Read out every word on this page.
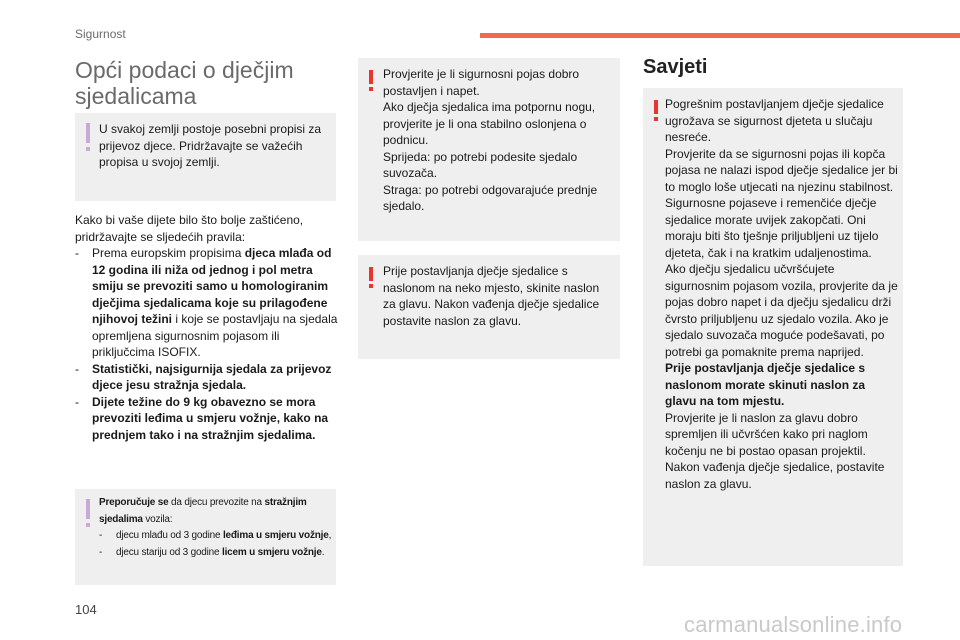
Sigurnost
Opći podaci o dječjim sjedalicama

U svakoj zemlji postoje posebni propisi za prijevoz djece. Pridržavajte se važećih propisa u svojoj zemlji.

Kako bi vaše dijete bilo što bolje zaštićeno, pridržavajte se sljedećih pravila:

-	Prema europskim propisima djeca mlađa od 12 godina ili niža od jednog i pol metra smiju se prevoziti samo u homologiranim dječjima sjedalicama koje su prilagođene njihovoj težini i koje se postavljaju na sjedala opremljena sigurnosnim pojasom ili priključcima ISOFIX.
-	Statistički, najsigurnija sjedala za prijevoz djece jesu stražnja sjedala.
-	Dijete težine do 9 kg obavezno se mora prevoziti leđima u smjeru vožnje, kako na prednjem tako i na stražnjim sjedalima.
Preporučuje se da djecu prevozite na stražnjim sjedalima vozila:
-	djecu mlađu od 3 godine leđima u smjeru vožnje,
-	djecu stariju od 3 godine licem u smjeru vožnje.

Provjerite je li sigurnosni pojas dobro postavljen i napet.

Ako dječja sjedalica ima potpornu nogu, provjerite je li ona stabilno oslonjena o podnicu.

Sprijeda: po potrebi podesite sjedalo suvozača.

Straga: po potrebi odgovarajuće prednje sjedalo.

Prije postavljanja dječje sjedalice s naslonom na neko mjesto, skinite naslon za glavu. Nakon vađenja dječje sjedalice postavite naslon za glavu.

Savjeti

Pogrešnim postavljanjem dječje sjedalice ugrožava se sigurnost djeteta u slučaju nesreće.

Provjerite da se sigurnosni pojas ili kopča pojasa ne nalazi ispod dječje sjedalice jer bi to moglo loše utjecati na njezinu stabilnost.

Sigurnosne pojaseve i remenčiće dječje sjedalice morate uvijek zakopčati. Oni moraju biti što tješnje priljubljeni uz tijelo djeteta, čak i na kratkim udaljenostima.

Ako dječju sjedalicu učvršćujete sigurnosnim pojasom vozila, provjerite da je pojas dobro napet i da dječju sjedalicu drži čvrsto priljubljenu uz sjedalo vozila. Ako je sjedalo suvozača moguće podešavati, po potrebi ga pomaknite prema naprijed.

Prije postavljanja dječje sjedalice s naslonom morate skinuti naslon za glavu na tom mjestu.

Provjerite je li naslon za glavu dobro spremljen ili učvršćen kako pri naglom kočenju ne bi postao opasan projektil. Nakon vađenja dječje sjedalice, postavite naslon za glavu.

104
carmanualsonline.info
